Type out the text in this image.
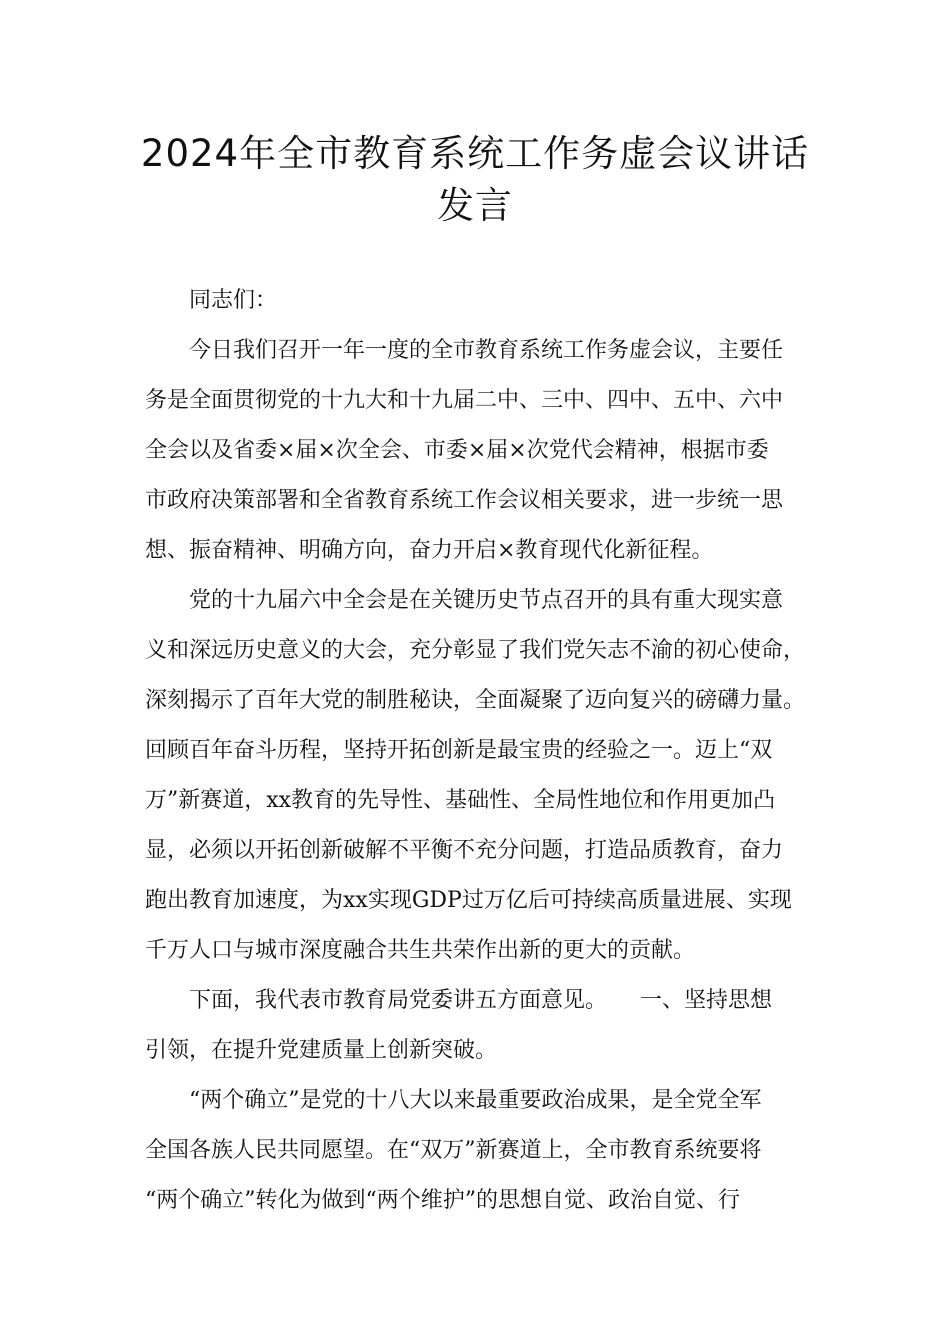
2024年全市教育系统工作务虚会议讲话
发言
　　同志们：
　　今日我们召开一年一度的全市教育系统工作务虚会议，主要任
务是全面贯彻党的十九大和十九届二中、三中、四中、五中、六中
全会以及省委×届×次全会、市委×届×次党代会精神，根据市委
市政府决策部署和全省教育系统工作会议相关要求，进一步统一思
想、振奋精神、明确方向，奋力开启×教育现代化新征程。
　　党的十九届六中全会是在关键历史节点召开的具有重大现实意
义和深远历史意义的大会，充分彰显了我们党矢志不渝的初心使命，
深刻揭示了百年大党的制胜秘诀，全面凝聚了迈向复兴的磅礴力量。
回顾百年奋斗历程，坚持开拓创新是最宝贵的经验之一。迈上“双
万”新赛道，xx教育的先导性、基础性、全局性地位和作用更加凸
显，必须以开拓创新破解不平衡不充分问题，打造品质教育，奋力
跑出教育加速度，为xx实现GDP过万亿后可持续高质量进展、实现
千万人口与城市深度融合共生共荣作出新的更大的贡献。
　　下面，我代表市教育局党委讲五方面意见。　　一、坚持思想
引领，在提升党建质量上创新突破。
　　“两个确立”是党的十八大以来最重要政治成果，是全党全军
全国各族人民共同愿望。在“双万”新赛道上，全市教育系统要将
“两个确立”转化为做到“两个维护”的思想自觉、政治自觉、行
